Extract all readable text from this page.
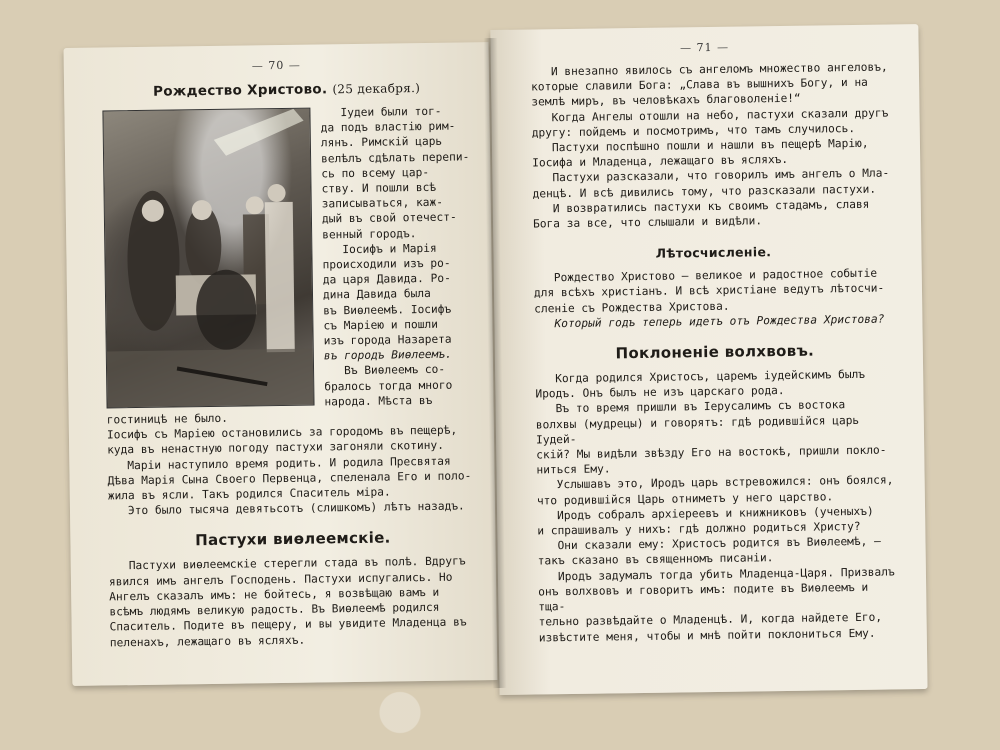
— 70 —
Рождество Христово. (25 декабря.)

Iудеи были тог-

да подъ властію рим-

лянъ. Римскій царь

велѣлъ сдѣлать перепи-

сь по всему цар-

ству. И пошли всѣ

записываться, каж-

дый въ свой отечест-

венный городъ.

Іосифъ и Марія

происходили изъ ро-

да царя Давида. Ро-

дина Давида была

въ Виѳлеемѣ. Іосифъ

съ Маріею и пошли

изъ города Назарета

въ городъ Виѳлеемъ.

Въ Виѳлеемъ со-

бралось тогда много

народа. Мѣста въ

гостиницѣ не было.

Іосифъ съ Маріею остановились за городомъ въ пещерѣ,

куда въ ненастную погоду пастухи загоняли скотину.

Маріи наступило время родить. И родила Пресвятая

Дѣва Марія Сына Своего Первенца, спеленала Его и поло-

жила въ ясли. Такъ родился Спаситель міра.

Это было тысяча девятьсотъ (слишкомъ) лѣтъ назадъ.

Пастухи виѳлеемскіе.

Пастухи виѳлеемскіе стерегли стада въ полѣ. Вдругъ

явился имъ ангелъ Господень. Пастухи испугались. Но

Ангелъ сказалъ имъ: не бойтесь, я возвѣщаю вамъ и

всѣмъ людямъ великую радость. Въ Виѳлеемѣ родился

Спаситель. Подите въ пещеру, и вы увидите Младенца въ

пеленахъ, лежащаго въ ясляхъ.

— 71 —

И внезапно явилось съ ангеломъ множество ангеловъ,

которые славили Бога: „Слава въ вышнихъ Богу, и на

землѣ миръ, въ человѣкахъ благоволеніе!“

Когда Ангелы отошли на небо, пастухи сказали другъ

другу: пойдемъ и посмотримъ, что тамъ случилось.

Пастухи поспѣшно пошли и нашли въ пещерѣ Марію,

Іосифа и Младенца, лежащаго въ ясляхъ.

Пастухи разсказали, что говорилъ имъ ангелъ о Мла-

денцѣ. И всѣ дивились тому, что разсказали пастухи.

И возвратились пастухи къ своимъ стадамъ, славя

Бога за все, что слышали и видѣли.

Лѣтосчисленіе.

Рождество Христово — великое и радостное событіе

для всѣхъ христіанъ. И всѣ христіане ведутъ лѣтосчи-

сленіе съ Рождества Христова.

Который годъ теперь идетъ отъ Рождества Христова?

Поклоненіе волхвовъ.

Когда родился Христосъ, царемъ іудейскимъ былъ

Иродъ. Онъ былъ не изъ царскаго рода.

Въ то время пришли въ Іерусалимъ съ востока

волхвы (мудрецы) и говорятъ: гдѣ родившійся царь Іудей-

скій? Мы видѣли звѣзду Его на востокѣ, пришли покло-

ниться Ему.

Услышавъ это, Иродъ царь встревожился: онъ боялся,

что родившійся Царь отниметъ у него царство.

Иродъ собралъ архіереевъ и книжниковъ (ученыхъ)

и спрашивалъ у нихъ: гдѣ должно родиться Христу?

Они сказали ему: Христосъ родится въ Виѳлеемѣ, —

такъ сказано въ священномъ писаніи.

Иродъ задумалъ тогда убить Младенца-Царя. Призвалъ

онъ волхвовъ и говоритъ имъ: подите въ Виѳлеемъ и тща-

тельно развѣдайте о Младенцѣ. И, когда найдете Его,

извѣстите меня, чтобы и мнѣ пойти поклониться Ему.
